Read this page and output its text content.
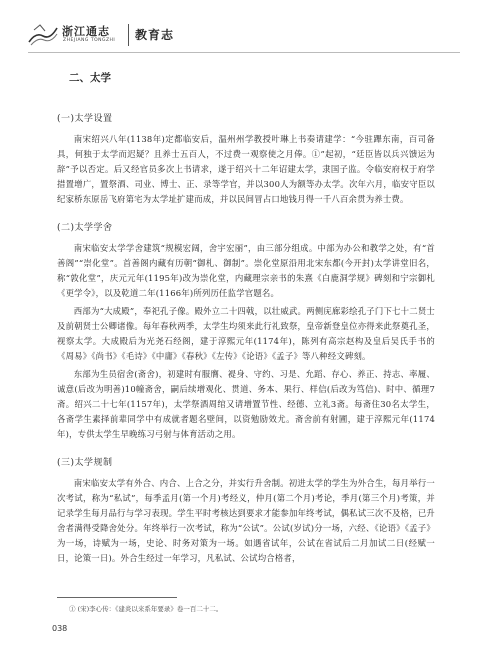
浙江通志
ZHEJIANG TONGZHI 教育志
二、太学
(一)太学设置

南宋绍兴八年(1138年)定都临安后，温州州学教授叶琳上书奏请建学：“今驻蹕东南，百司备具，何独于太学而迟疑？且养士五百人，不过费一观察使之月俸。①”起初，“廷臣皆以兵兴馈运为辞”予以否定。后又经官员多次上书请求，遂于绍兴十二年诏建太学，隶国子监。令临安府权于府学措置增广，置祭酒、司业、博士、正、录等学官，并以300人为额等办太学。次年六月，临安守臣以纪家桥东原岳飞府第宅为太学址扩建而成，并以民间冒占口地钱月得一千八百余贯为养士费。

(二)太学学舍

南宋临安太学学舍建筑“规模宏阔，舍宇宏丽”，由三部分组成。中部为办公和教学之处，有“首善阁”“崇化堂”。首善阁内藏有历朝“御札、御制”。崇化堂原沿用北宋东都(今开封)太学讲堂旧名，称“敦化堂”，庆元元年(1195年)改为崇化堂，内藏理宗亲书的朱熹《白鹿洞学规》碑刻和宁宗御札《更学令》，以及乾道二年(1166年)所列历任监学官题名。

西部为“大成殿”，奉祀孔子像。殿外立二十四戟，以壮威武。两侧庑廊彩绘孔子门下七十二贤士及前朝贤士公卿诸像。每年春秋两季，太学生均须来此行礼致祭，皇帝新登皇位亦得来此祭奠孔圣，视察太学。大成殿后为光尧石经阁，建于淳熙元年(1174年)，陈列有高宗赵构及皇后吴氏手书的《周易》《尚书》《毛诗》《中庸》《春秋》《左传》《论语》《孟子》等八种经文碑刻。

东部为生员宿舍(斋舍)，初建时有服膺、褆身、守约、习是、允蹈、存心、养正、持志、率履、诚意(后改为明善)10幢斋舍，嗣后续增观化、贯道、务本、果行、样信(后改为笃信)、时中、循理7斋。绍兴二十七年(1157年)，太学祭酒周绾又请增置节性、经德、立礼3斋。每斋住30名太学生，各斋学生素择前辈同学中有成就者题名壁间，以资勉励效尤。斋舍前有射圃，建于淳熙元年(1174年)，专供太学生早晚练习弓射与体育活动之用。

(三)太学规制

南宋临安太学有外合、内合、上合之分，并实行升舍制。初进太学的学生为外合生，每月举行一次考试，称为“私试”，每季孟月(第一个月)考经义，仲月(第二个月)考论，季月(第三个月)考策，并记录学生每月品行与学习表现。学生平时考核达到要求才能参加年终考试，偶私试三次不及格，已升舍者满得受降舍处分。年终举行一次考试，称为“公试”。公试(岁试)分一场，六经、《论语》《孟子》为一场，诗赋为一场，史论、时务对策为一场。如遇省试年，公试在省试后二月加试二日(经赋一日，论策一日)。外合生经过一年学习，凡私试、公试均合格者，

① (宋)李心传：《建炎以来系年要录》卷一百二十二。
038
